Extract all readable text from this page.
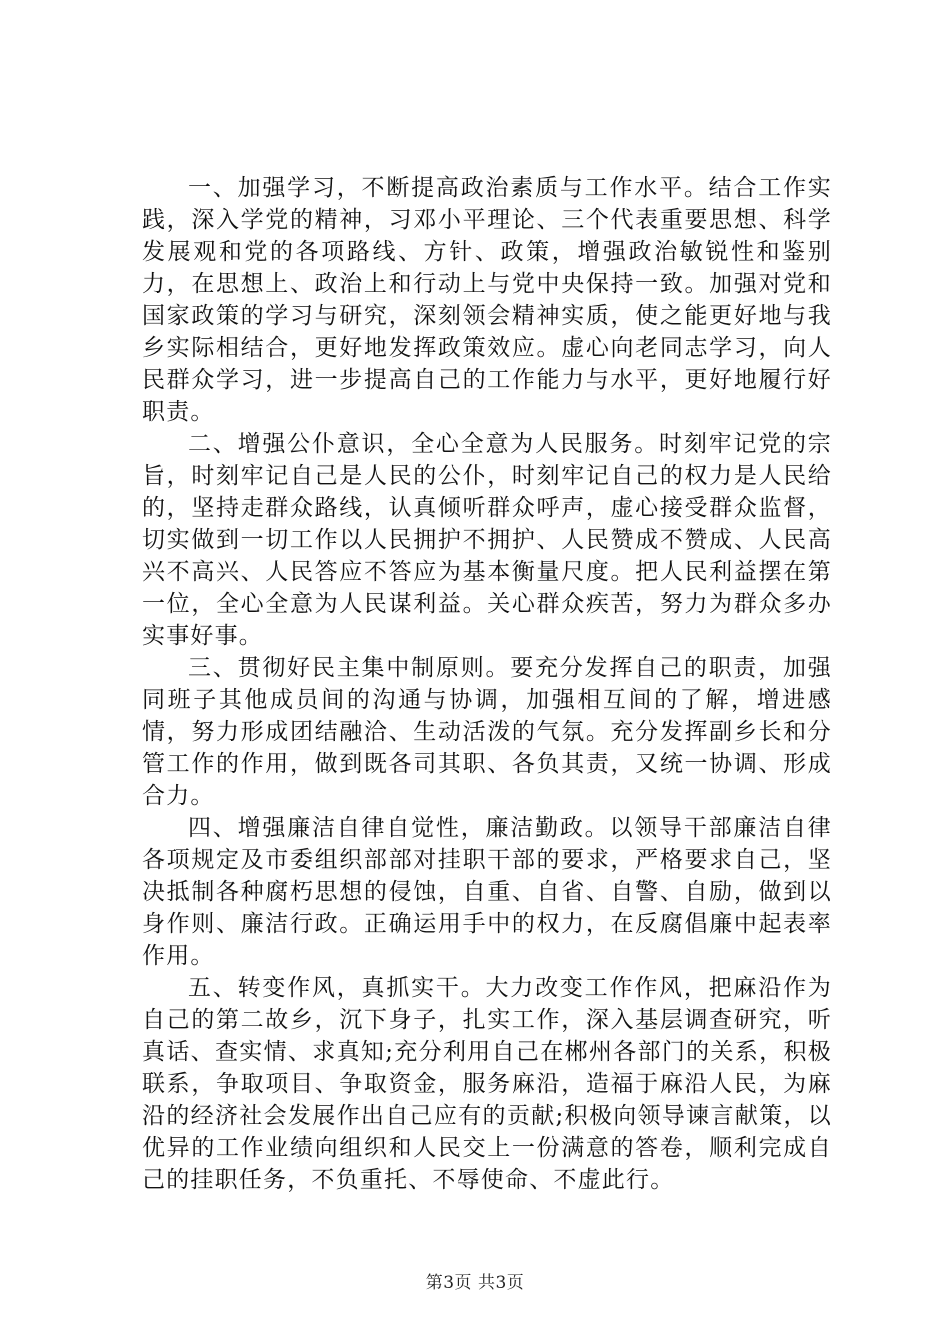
一、加强学习，不断提高政治素质与工作水平。结合工作实践，深入学党的精神，习邓小平理论、三个代表重要思想、科学发展观和党的各项路线、方针、政策，增强政治敏锐性和鉴别力，在思想上、政治上和行动上与党中央保持一致。加强对党和国家政策的学习与研究，深刻领会精神实质，使之能更好地与我乡实际相结合，更好地发挥政策效应。虚心向老同志学习，向人民群众学习，进一步提高自己的工作能力与水平，更好地履行好职责。

二、增强公仆意识，全心全意为人民服务。时刻牢记党的宗旨，时刻牢记自己是人民的公仆，时刻牢记自己的权力是人民给的，坚持走群众路线，认真倾听群众呼声，虚心接受群众监督，切实做到一切工作以人民拥护不拥护、人民赞成不赞成、人民高兴不高兴、人民答应不答应为基本衡量尺度。把人民利益摆在第一位，全心全意为人民谋利益。关心群众疾苦，努力为群众多办实事好事。

三、贯彻好民主集中制原则。要充分发挥自己的职责，加强同班子其他成员间的沟通与协调，加强相互间的了解，增进感情，努力形成团结融洽、生动活泼的气氛。充分发挥副乡长和分管工作的作用，做到既各司其职、各负其责，又统一协调、形成合力。

四、增强廉洁自律自觉性，廉洁勤政。以领导干部廉洁自律各项规定及市委组织部部对挂职干部的要求，严格要求自己，坚决抵制各种腐朽思想的侵蚀，自重、自省、自警、自励，做到以身作则、廉洁行政。正确运用手中的权力，在反腐倡廉中起表率作用。

五、转变作风，真抓实干。大力改变工作作风，把麻沿作为自己的第二故乡，沉下身子，扎实工作，深入基层调查研究，听真话、查实情、求真知;充分利用自己在郴州各部门的关系，积极联系，争取项目、争取资金，服务麻沿，造福于麻沿人民，为麻沿的经济社会发展作出自己应有的贡献;积极向领导谏言献策，以优异的工作业绩向组织和人民交上一份满意的答卷，顺利完成自己的挂职任务，不负重托、不辱使命、不虚此行。

第3页 共3页
